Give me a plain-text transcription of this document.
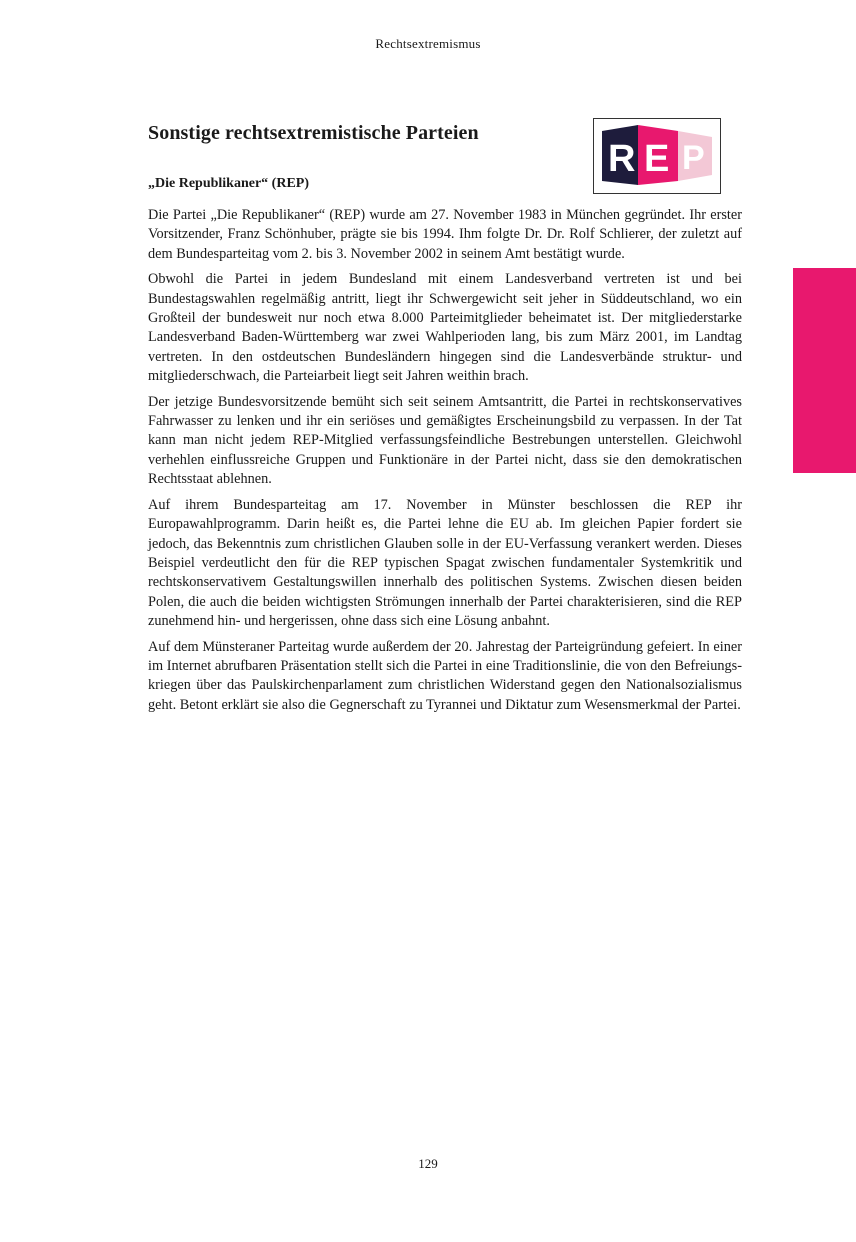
Rechtsextremismus
R E P
Sonstige rechtsextremistische Parteien
„Die Republikaner“ (REP)

Die Partei „Die Republikaner“ (REP) wurde am 27. November 1983 in München gegründet. Ihr erster Vorsitzender, Franz Schönhuber, prägte sie bis 1994. Ihm folgte Dr. Dr. Rolf Schlierer, der zuletzt auf dem Bundesparteitag vom 2. bis 3. November 2002 in seinem Amt bestätigt wurde.

Obwohl die Partei in jedem Bundesland mit einem Landesverband vertreten ist und bei Bundestagswahlen regelmäßig antritt, liegt ihr Schwergewicht seit jeher in Süddeutschland, wo ein Großteil der bundesweit nur noch etwa 8.000 Parteimitglieder beheimatet ist. Der mitgliederstarke Landesverband Baden-Württemberg war zwei Wahlperioden lang, bis zum März 2001, im Landtag vertreten. In den ostdeutschen Bundesländern hingegen sind die Landesverbände struktur- und mitgliederschwach, die Parteiarbeit liegt seit Jahren weithin brach.

Der jetzige Bundesvorsitzende bemüht sich seit seinem Amtsantritt, die Partei in rechtskonservatives Fahrwasser zu lenken und ihr ein seriöses und gemäßigtes Erscheinungsbild zu verpassen. In der Tat kann man nicht jedem REP-Mitglied verfassungsfeindliche Bestrebungen unterstellen. Gleichwohl verhehlen einflussreiche Gruppen und Funktionäre in der Partei nicht, dass sie den demokratischen Rechtsstaat ablehnen.

Auf ihrem Bundesparteitag am 17. November in Münster beschlossen die REP ihr Europawahlprogramm. Darin heißt es, die Partei lehne die EU ab. Im gleichen Papier fordert sie jedoch, das Bekenntnis zum christlichen Glauben solle in der EU-Verfassung verankert werden. Dieses Beispiel verdeutlicht den für die REP typischen Spagat zwischen fundamentaler Systemkritik und rechtskonservativem Gestaltungswillen innerhalb des politischen Systems. Zwischen diesen beiden Polen, die auch die beiden wichtigsten Strömungen innerhalb der Partei charakterisieren, sind die REP zunehmend hin- und hergerissen, ohne dass sich eine Lösung anbahnt.

Auf dem Münsteraner Parteitag wurde außerdem der 20. Jahrestag der Parteigründung gefeiert. In einer im Internet abrufbaren Präsentation stellt sich die Partei in eine Traditionslinie, die von den Befreiungskriegen über das Paulskirchenparlament zum christlichen Widerstand gegen den Nationalsozialismus geht. Betont erklärt sie also die Gegnerschaft zu Tyrannei und Diktatur zum Wesensmerkmal der Partei.

129
